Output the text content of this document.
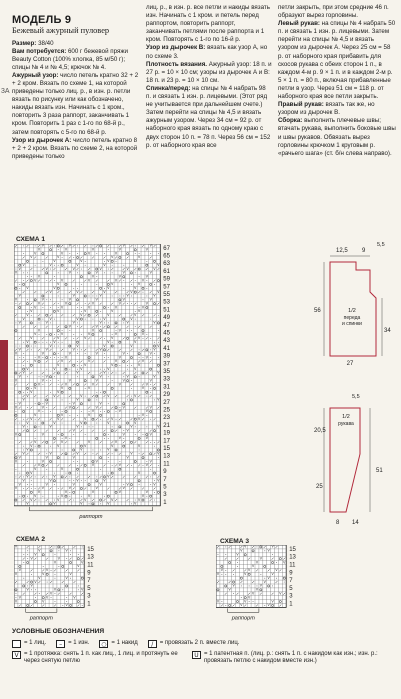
3A
МОДЕЛЬ 9
Бежевый ажурный пуловер

Размер: 38/40

Вам потребуется: 600 г бежевой пряжи Beauty Cotton (100% хлопка, 85 м/50 г); спицы № 4 и № 4,5; крючок № 4.

Ажурный узор: число петель кратно 32 + 2 + 2 кром. Вязать по схеме 1, на которой приведены только лиц. р., в изн. р. петли вязать по рисунку или как обозначено, накиды вязать изн. Начинать с 1 кром., повторить 3 раза раппорт, заканчивать 1 кром. Повторить 1 раз с 1-го по 68-й р., затем повторять с 5-го по 68-й р.

Узор из дырочек А: число петель кратно 8 + 2 + 2 кром. Вязать по схеме 2, на которой приведены только

лиц. р., в изн. р. все петли и накиды вязать изн. Начинать с 1 кром. и петель перед раппортом, повторить раппорт, заканчивать петлями после раппорта и 1 кром. Повторять с 1-го по 16-й р.

Узор из дырочек В: вязать как узор А, но по схеме 3.

Плотность вязания. Ажурный узор: 18 п. и 27 р. = 10 × 10 см; узоры из дырочек А и В: 18 п. и 23 р. = 10 × 10 см.

Спинка/перед: на спицы № 4 набрать 98 п. и связать 1 изн. р. лицевыми. (Этот ряд не учитывается при дальнейшем счете.) Затем перейти на спицы № 4,5 и вязать ажурным узором. Через 34 см = 92 р. от наборного края вязать по одному краю с двух сторон 10 п. = 78 п. Через 56 см = 152 р. от наборного края все

петли закрыть, при этом средние 46 п. образуют вырез горловины.

Левый рукав: на спицы № 4 набрать 50 п. и связать 1 изн. р. лицевыми. Затем перейти на спицы № 4,5 и вязать узором из дырочек А. Через 25 см = 58 р. от наборного края прибавить для скосов рукава с обеих сторон 1 п., в каждом 4-м р. 9 × 1 п. и в каждом 2-м р. 5 × 1 п. = 80 п., включая прибавленные петли в узор. Через 51 см = 118 р. от наборного края все петли закрыть.

Правый рукав: вязать так же, но узором из дырочек В.

Сборка: выполнить плечевые швы; втачать рукава, выполнить боковые швы и швы рукавов. Обвязать вырез горловины крючком 1 круговым р. «рачьего шага» (ст. б/н слева направо).

СХЕМА 1
V	V	V	V
V	V	V	V	V
V	V	V	V
V	V	V	V
V	V	V	V
V	V	V	V	V
V	V	V	V	V	V
V	V	V	V	V
V	V	V	V
V	V	V	V	V
V	V	V
V	V	V	V
V	V	V	V	V
V	V	V	V	V
V	V	V	V	V	V
V	V	V	V	V
V	V	V	V	V
V	V	V	V	V
V	V	V	V
V	V	V	V	V
V	V	V	V	V	V
V	V
V	V	V
V	V	V	V	V
V	V	V	V	V
V	V	V	V
V	V	V	V	V
V	V	V	V	V
V	V	V	V	V	V
V	V	V	V
V	V	V	V	V
V	V	V	V
V	V	V	V	V
V	V	V	V
V	V	V	V	V
V	V	V	V	V	V
V	V	V	V	V
V	V	V	V
V	V
V	V	V	V	V
V	V	V
V	V	V	V
V	V	V	V	V	V
V	V	V	V
V	V	V	V
V	V	V	V	V
V	V	V	V	V
V	V	V	V	V
V	V
V	V	V	V
V	V	V
V	V	V	V
V	V	V	V	V
V	V	V
V	V	V	V	V
V	V	V	V
V	V	V	V
V	V	V	V
V	V
V	V
V	V	V
V	V	V	V	V
V	V	V	V	V	V
V	V	V	V	V
V	V	V	V	V
V	V	V	V
V	V	V	V	V
V	V	V	V	V
67
65
63
61
59
57
55
53
51
49
47
45
43
41
39
37
35
33
31
29
27
25
23
21
19
17
15
13
11
9
7
5
3
1
раппорт
12,5 9
5,5
56
34
27
1/2
переда
и спинки
5,5
20,5
25
51
8 14
1/2
рукава
СХЕМА 2
V
V	V
V
V	V
V	V
V
V	V
V	V	V
V	V
V
V
V	V	V
V
V	V	V
V	V
V
15
13
11
9
7
5
3
1
раппорт
СХЕМА 3
V	V
V	V
V
V
V	V
V
V	V	V
V	V	V
V
V
V	V
V	V
V	V
V
V	V	V
V	V
15
13
11
9
7
5
3
1
раппорт
УСЛОВНЫЕ ОБОЗНАЧЕНИЯ
= 1 лиц.	–	= 1 изн.	○ = 1 накид	/	= провязать 2 п. вместе лиц.
V = 1 протяжка: снять 1 п. как лиц., 1 лиц. и протянуть ее через снятую петлю
U = 1 патентная п. (лиц. р.: снять 1 п. с накидом как изн.; изн. р.: провязать петлю с накидом вместе изн.)
